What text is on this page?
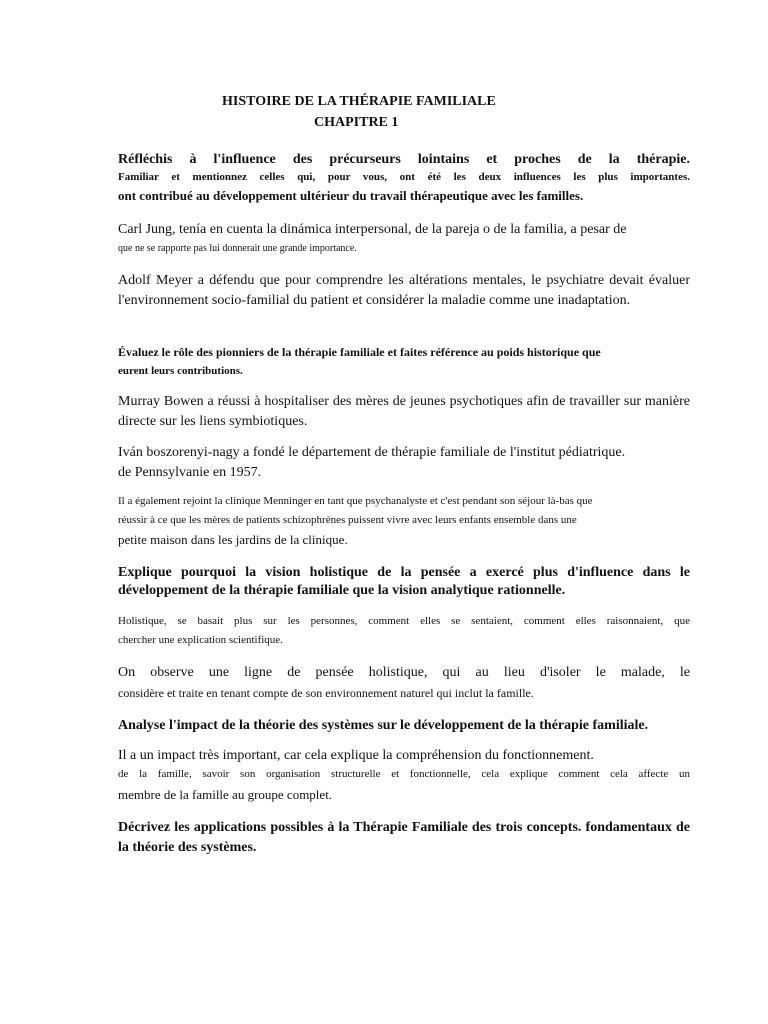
HISTOIRE DE LA THÉRAPIE FAMILIALE
CHAPITRE 1
Réfléchis à l'influence des précurseurs lointains et proches de la thérapie.
Familiar et mentionnez celles qui, pour vous, ont été les deux influences les plus importantes.
ont contribué au développement ultérieur du travail thérapeutique avec les familles.
Carl Jung, tenía en cuenta la dinámica interpersonal, de la pareja o de la familia, a pesar de
que ne se rapporte pas lui donnerait une grande importance.
Adolf Meyer a défendu que pour comprendre les altérations mentales, le psychiatre devait évaluer l'environnement socio-familial du patient et considérer la maladie comme une inadaptation.
Évaluez le rôle des pionniers de la thérapie familiale et faites référence au poids historique que
eurent leurs contributions.
Murray Bowen a réussi à hospitaliser des mères de jeunes psychotiques afin de travailler sur manière directe sur les liens symbiotiques.
Iván boszorenyi-nagy a fondé le département de thérapie familiale de l'institut pédiatrique.
de Pennsylvanie en 1957.
Il a également rejoint la clinique Menninger en tant que psychanalyste et c'est pendant son séjour là-bas que
réussir à ce que les mères de patients schizophrènes puissent vivre avec leurs enfants ensemble dans une
petite maison dans les jardins de la clinique.
Explique pourquoi la vision holistique de la pensée a exercé plus d'influence dans le développement de la thérapie familiale que la vision analytique rationnelle.
Holistique, se basait plus sur les personnes, comment elles se sentaient, comment elles raisonnaient, que
chercher une explication scientifique.
On observe une ligne de pensée holistique, qui au lieu d'isoler le malade, le
considère et traite en tenant compte de son environnement naturel qui inclut la famille.
Analyse l'impact de la théorie des systèmes sur le développement de la thérapie familiale.
Il a un impact très important, car cela explique la compréhension du fonctionnement.
de la famille, savoir son organisation structurelle et fonctionnelle, cela explique comment cela affecte un
membre de la famille au groupe complet.
Décrivez les applications possibles à la Thérapie Familiale des trois concepts. fondamentaux de la théorie des systèmes.
